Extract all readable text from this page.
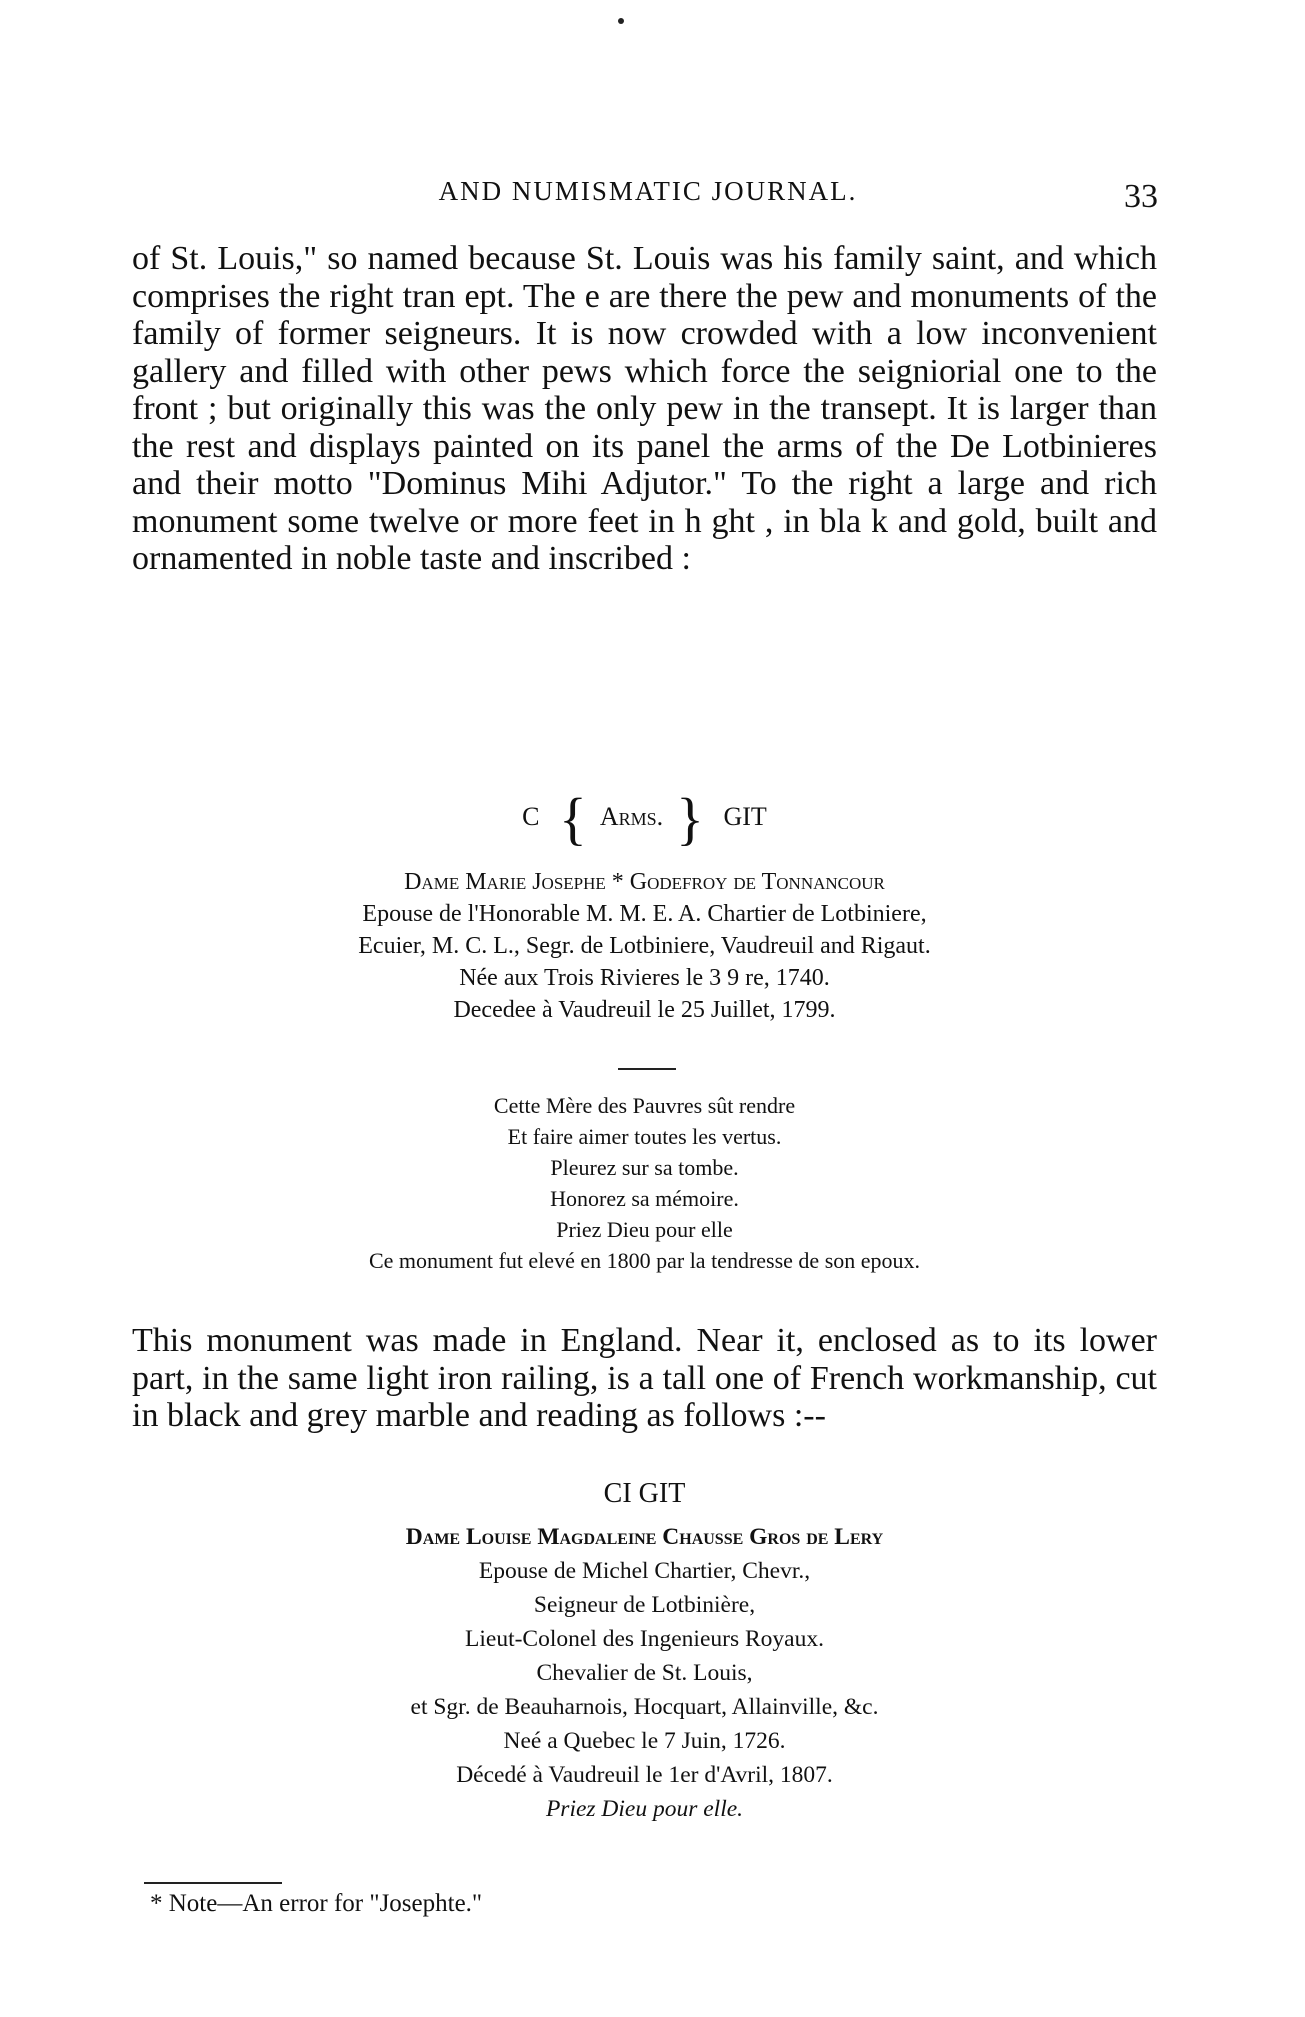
AND NUMISMATIC JOURNAL.	33

of St. Louis," so named because St. Louis was his family saint, and which comprises the right tran ept. The e are there the pew and monuments of the family of former seigneurs. It is now crowded with a low inconvenient gallery and filled with other pews which force the seigniorial one to the front ; but originally this was the only pew in the transept. It is larger than the rest and displays painted on its panel the arms of the De Lotbinieres and their motto "Dominus Mihi Adjutor." To the right a large and rich monument some twelve or more feet in h ght , in bla k and gold, built and ornamented in noble taste and inscribed :

C { Arms. } GIT
Dame Marie Josephe * Godefroy de Tonnancour
Epouse de l'Honorable M. M. E. A. Chartier de Lotbiniere,
Ecuier, M. C. L., Segr. de Lotbiniere, Vaudreuil and Rigaut.
Née aux Trois Rivieres le 3 9 re, 1740.
Decedee à Vaudreuil le 25 Juillet, 1799.
Cette Mère des Pauvres sût rendre
Et faire aimer toutes les vertus.
Pleurez sur sa tombe.
Honorez sa mémoire.
Priez Dieu pour elle
Ce monument fut elevé en 1800 par la tendresse de son epoux.

This monument was made in England. Near it, enclosed as to its lower part, in the same light iron railing, is a tall one of French workmanship, cut in black and grey marble and reading as follows :--

CI GIT
Dame Louise Magdaleine Chausse Gros de Lery
Epouse de Michel Chartier, Chevr.,
Seigneur de Lotbinière,
Lieut-Colonel des Ingenieurs Royaux.
Chevalier de St. Louis,
et Sgr. de Beauharnois, Hocquart, Allainville, &c.
Neé a Quebec le 7 Juin, 1726.
Décedé à Vaudreuil le 1er d'Avril, 1807.
Priez Dieu pour elle.
* Note—An error for "Josephte."
